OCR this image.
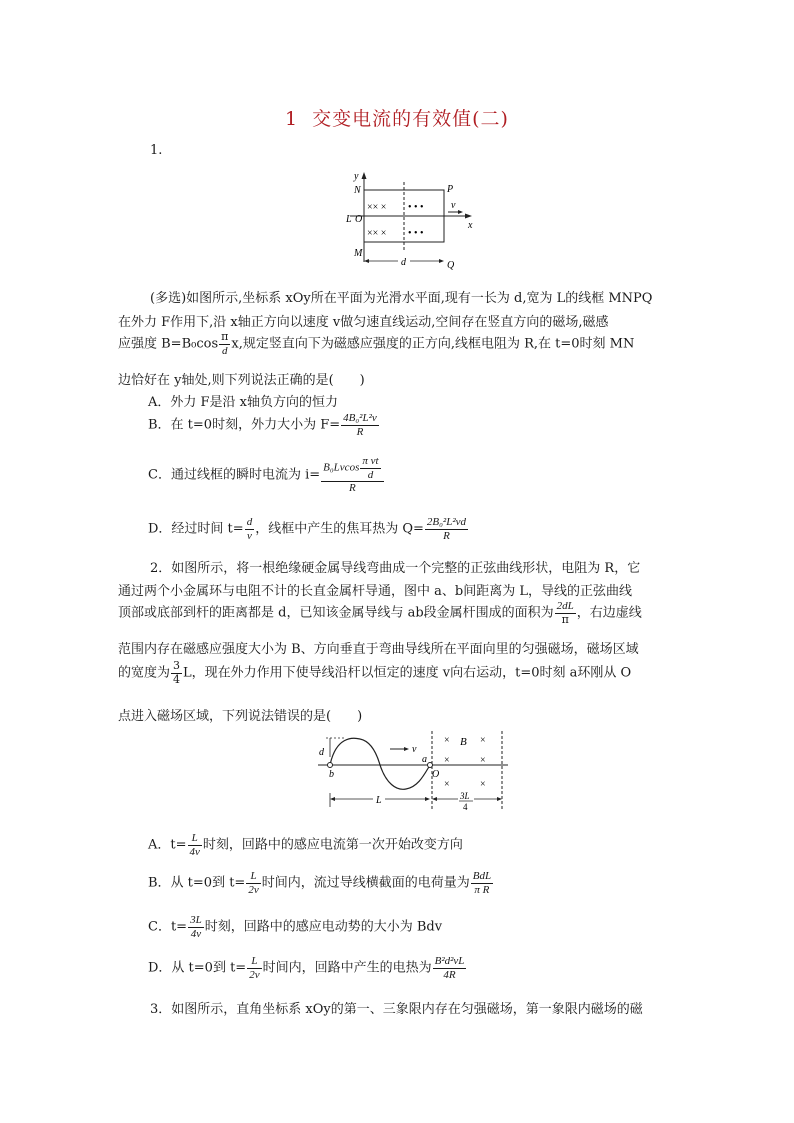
1 交变电流的有效值(二)
1.
×× ×
×× ×
• • •
• • •
y
N	P
v
L O
x
M
Q
d
(多选)如图所示,坐标系 xOy所在平面为光滑水平面,现有一长为 d,宽为 L的线框 MNPQ
在外力 F作用下,沿 x轴正方向以速度 v做匀速直线运动,空间存在竖直方向的磁场,磁感
应强度 $B=B_0\cos \frac{\pi}{d} x$,规定竖直向下为磁感应强度的正方向,线框电阻为 R,在 t=0时刻 MN
边恰好在 y轴处,则下列说法正确的是(　　)
A．外力 F是沿 x轴负方向的恒力
B．在 t=0时刻，外力大小为 $F= \frac{\text{4B₀²L²v}}{R}$
C．通过线框的瞬时电流为 $i= \frac{B_0Lvcos \frac{\text{π vt}}{d}}{R}$
D．经过时间 $t= \frac{d}{v}$ ，线框中产生的焦耳热为 $Q= \frac{\text{2B₀²L²vd}}{R}$
2．如图所示，将一根绝缘硬金属导线弯曲成一个完整的正弦曲线形状，电阻为 R，它
通过两个小金属环与电阻不计的长直金属杆导通，图中 a、b间距离为 L，导线的正弦曲线
顶部或底部到杆的距离都是 d，已知该金属导线与 ab段金属杆围成的面积为 $\frac{2dL}{\pi}$ ，右边虚线
范围内存在磁感应强度大小为 B、方向垂直于弯曲导线所在平面向里的匀强磁场，磁场区域
的宽度为 $\frac{3}{4}$ L，现在外力作用下使导线沿杆以恒定的速度 v向右运动，t=0时刻 a环刚从 O
点进入磁场区域，下列说法错误的是(　　)
d
b
a
O
v
× B ×
×	×
×	×
L	3L
4
A．$t= \frac{L}{4v}$ 时刻，回路中的感应电流第一次开始改变方向
B．从 t=0到 $t= \frac{L}{2v}$ 时间内，流过导线横截面的电荷量为 $\frac{\text{BdL}}{\text{π R}}$
C．$t= \frac{3L}{4v}$ 时刻，回路中的感应电动势的大小为 Bdv
D．从 t=0到 $t= \frac{L}{2v}$ 时间内，回路中产生的电热为 $\frac{\text{B²d²vL}}{4R}$
3．如图所示，直角坐标系 xOy的第一、三象限内存在匀强磁场，第一象限内磁场的磁
